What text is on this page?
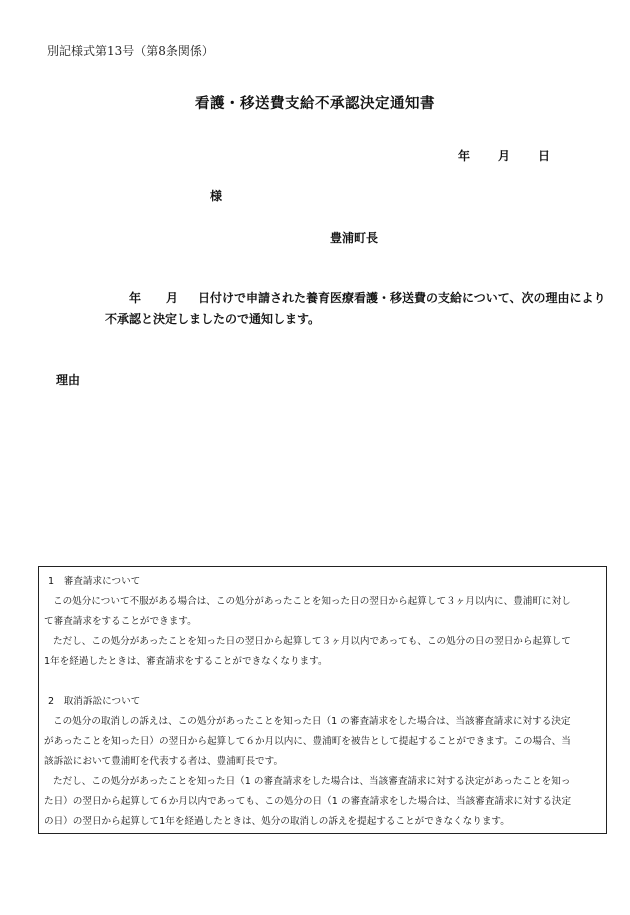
別記様式第13号（第8条関係）
看護・移送費支給不承認決定通知書
年 月 日
様
豊浦町長
年 月 日付けで申請された養育医療看護・移送費の支給について、次の理由により
不承認と決定しましたので通知します。
理由
1　審査請求について
この処分について不服がある場合は、この処分があったことを知った日の翌日から起算して３ヶ月以内に、豊浦町に対し
て審査請求をすることができます。
ただし、この処分があったことを知った日の翌日から起算して３ヶ月以内であっても、この処分の日の翌日から起算して
1年を経過したときは、審査請求をすることができなくなります。
2　取消訴訟について
この処分の取消しの訴えは、この処分があったことを知った日（1 の審査請求をした場合は、当該審査請求に対する決定
があったことを知った日）の翌日から起算して６か月以内に、豊浦町を被告として提起することができます。この場合、当
該訴訟において豊浦町を代表する者は、豊浦町長です。
ただし、この処分があったことを知った日（1 の審査請求をした場合は、当該審査請求に対する決定があったことを知っ
た日）の翌日から起算して６か月以内であっても、この処分の日（1 の審査請求をした場合は、当該審査請求に対する決定
の日）の翌日から起算して1年を経過したときは、処分の取消しの訴えを提起することができなくなります。
